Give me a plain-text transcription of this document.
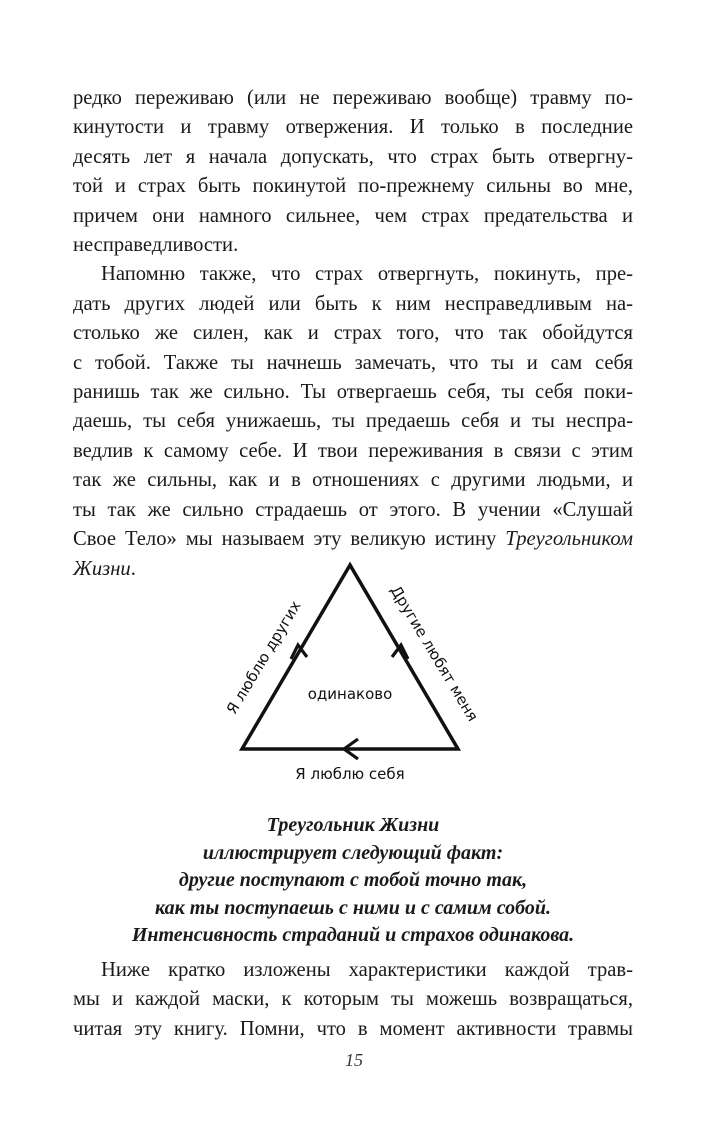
редко переживаю (или не переживаю вообще) травму по-
кинутости и травму отвержения. И только в последние
десять лет я начала допускать, что страх быть отвергну-
той и страх быть покинутой по-прежнему сильны во мне,
причем они намного сильнее, чем страх предательства и
несправедливости.

Напомню также, что страх отвергнуть, покинуть, пре-
дать других людей или быть к ним несправедливым на-
столько же силен, как и страх того, что так обойдутся
с тобой. Также ты начнешь замечать, что ты и сам себя
ранишь так же сильно. Ты отвергаешь себя, ты себя поки-
даешь, ты себя унижаешь, ты предаешь себя и ты неспра-
ведлив к самому себе. И твои переживания в связи с этим
так же сильны, как и в отношениях с другими людьми, и
ты так же сильно страдаешь от этого. В учении «Слушай
Свое Тело» мы называем эту великую истину Треугольником
Жизни.

одинаково
Я люблю других	Другие любят меня
Я люблю себя
Треугольник Жизни
иллюстрирует следующий факт:
другие поступают с тобой точно так,
как ты поступаешь с ними и с самим собой.
Интенсивность страданий и страхов одинакова.

Ниже кратко изложены характеристики каждой трав-
мы и каждой маски, к которым ты можешь возвращаться,
читая эту книгу. Помни, что в момент активности травмы

15
